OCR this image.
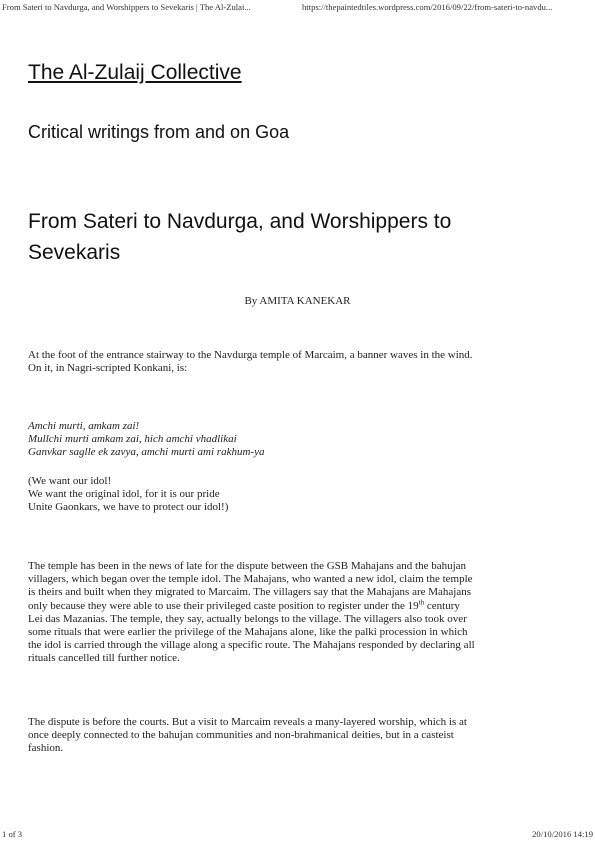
From Sateri to Navdurga, and Worshippers to Sevekaris | The Al-Zulai...	https://thepaintedtiles.wordpress.com/2016/09/22/from-sateri-to-navdu...
The Al-Zulaij Collective
Critical writings from and on Goa
From Sateri to Navdurga, and Worshippers to Sevekaris
By AMITA KANEKAR

At the foot of the entrance stairway to the Navdurga temple of Marcaim, a banner waves in the wind.

On it, in Nagri-scripted Konkani, is:

Amchi murti, amkam zai!

Mullchi murti amkam zai, hich amchi vhadlikai

Ganvkar saglle ek zavya, amchi murti ami rakhum-ya

(We want our idol!

We want the original idol, for it is our pride

Unite Gaonkars, we have to protect our idol!)

The temple has been in the news of late for the dispute between the GSB Mahajans and the bahujan

villagers, which began over the temple idol. The Mahajans, who wanted a new idol, claim the temple

is theirs and built when they migrated to Marcaim. The villagers say that the Mahajans are Mahajans

only because they were able to use their privileged caste position to register under the 19th century

Lei das Mazanias. The temple, they say, actually belongs to the village. The villagers also took over

some rituals that were earlier the privilege of the Mahajans alone, like the palki procession in which

the idol is carried through the village along a specific route. The Mahajans responded by declaring all

rituals cancelled till further notice.

The dispute is before the courts. But a visit to Marcaim reveals a many-layered worship, which is at

once deeply connected to the bahujan communities and non-brahmanical deities, but in a casteist

fashion.

1 of 3	20/10/2016 14:19
